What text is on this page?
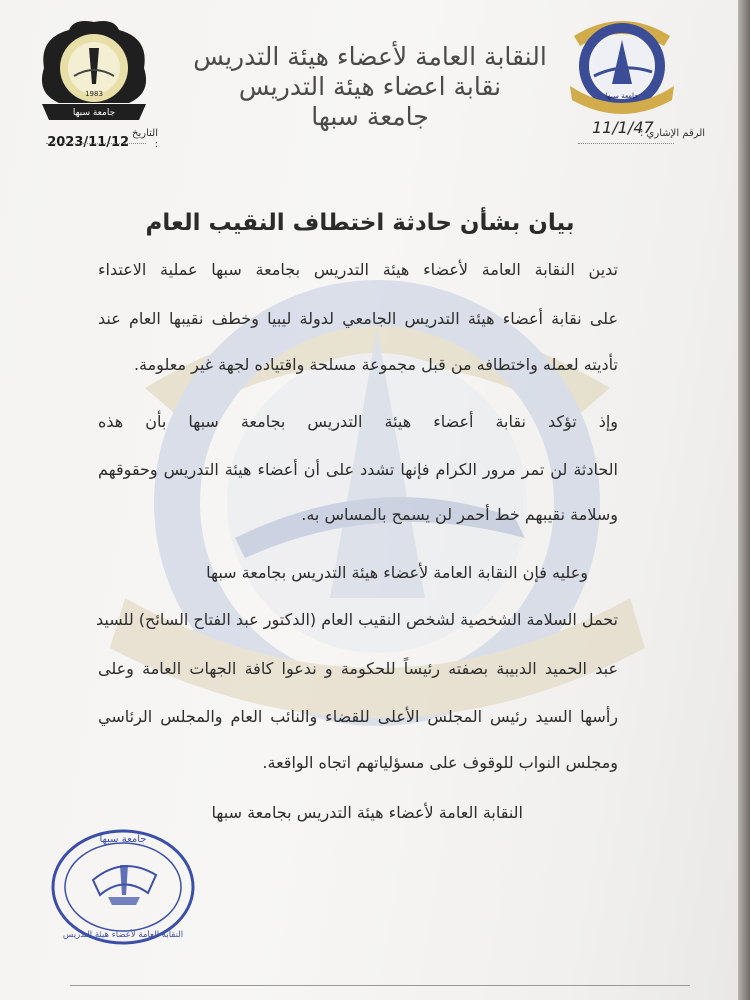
النقابة العامة لأعضاء هيئة التدريس
نقابة اعضاء هيئة التدريس
جامعة سبها
1983
جامعة سبها
جامعة سبها
التاريخ :
2023/11/12
11/1/47
الرقم الإشاري :
بيان بشأن حادثة اختطاف النقيب العام
تدين النقابة العامة لأعضاء هيئة التدريس بجامعة سبها عملية الاعتداء
على نقابة أعضاء هيئة التدريس الجامعي لدولة ليبيا وخطف نقيبها العام عند
تأديته لعمله واختطافه من قبل مجموعة مسلحة واقتياده لجهة غير معلومة.
وإذ تؤكد نقابة أعضاء هيئة التدريس بجامعة سبها بأن هذه
الحادثة لن تمر مرور الكرام فإنها تشدد على أن أعضاء هيئة التدريس وحقوقهم
وسلامة نقيبهم خط أحمر لن يسمح بالمساس به.
وعليه فإن النقابة العامة لأعضاء هيئة التدريس بجامعة سبها
تحمل السلامة الشخصية لشخص النقيب العام (الدكتور عبد الفتاح السائح) للسيد
عبد الحميد الدبيبة بصفته رئيساً للحكومة و ندعوا كافة الجهات العامة وعلى
رأسها السيد رئيس المجلس الأعلى للقضاء والنائب العام والمجلس الرئاسي
ومجلس النواب للوقوف على مسؤلياتهم اتجاه الواقعة.
النقابة العامة لأعضاء هيئة التدريس بجامعة سبها
جامعة سبها
النقابة العامة لأعضاء هيئة التدريس
